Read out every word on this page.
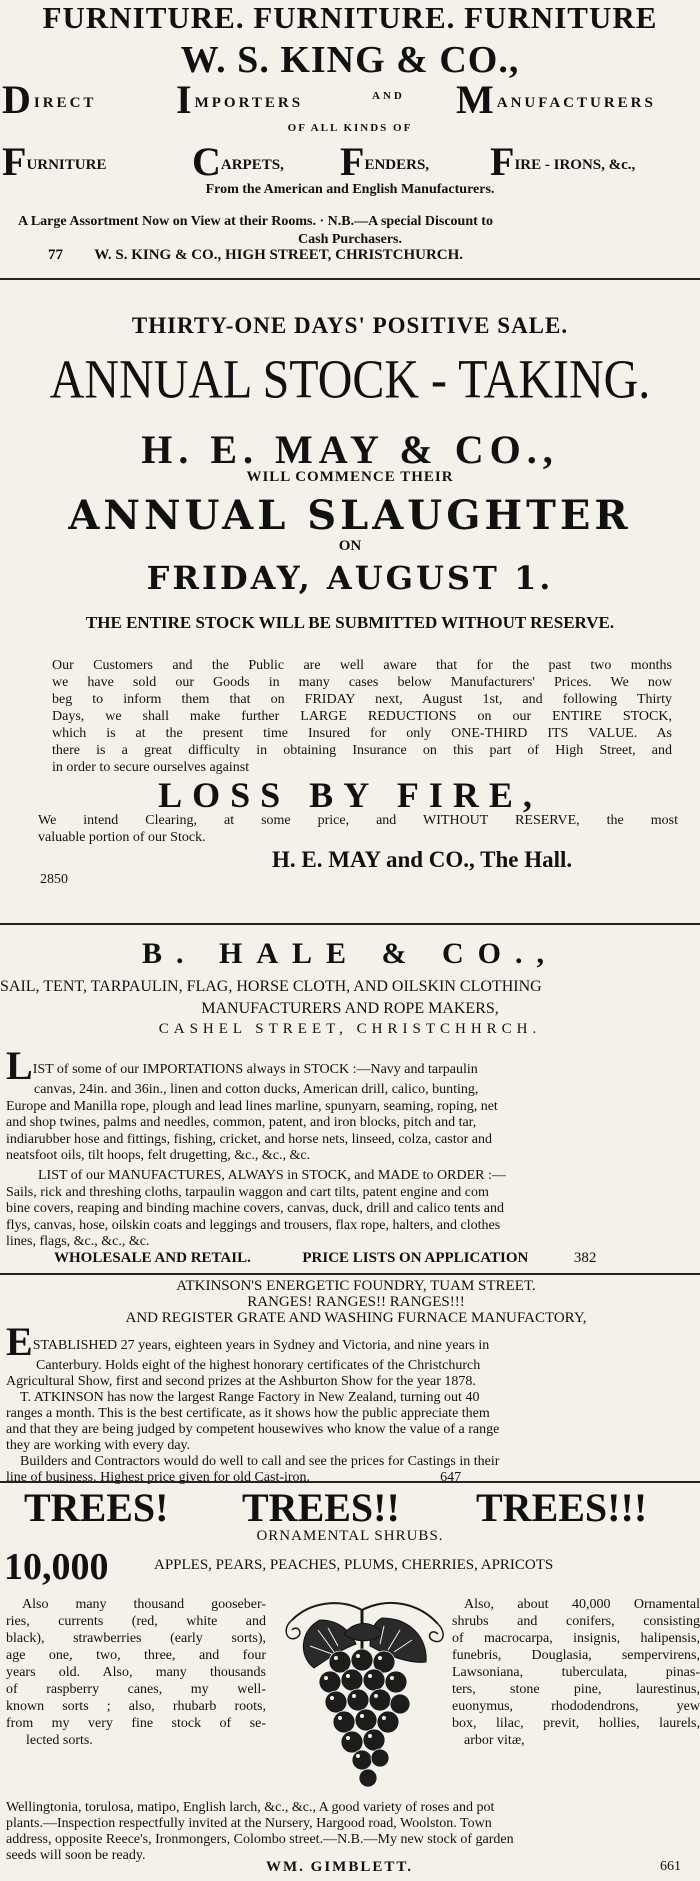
FURNITURE. FURNITURE. FURNITURE
W. S. KING & CO.,
DIRECT IMPORTERS	AND MANUFACTURERS
OF ALL KINDS OF
FURNITURE CARPETS, FENDERS, FIRE - IRONS, &c.,
From the American and English Manufacturers.
A Large Assortment Now on View at their Rooms. · N.B.—A special Discount to
Cash Purchasers.
77 W. S. KING & CO., HIGH STREET, CHRISTCHURCH.
THIRTY-ONE DAYS' POSITIVE SALE.
ANNUAL STOCK - TAKING.
H. E. MAY & CO.,
WILL COMMENCE THEIR
ANNUAL SLAUGHTER
ON
FRIDAY, AUGUST 1.
THE ENTIRE STOCK WILL BE SUBMITTED WITHOUT RESERVE.
Our Customers and the Public are well aware that for the past two months
we have sold our Goods in many cases below Manufacturers' Prices. We now
beg to inform them that on FRIDAY next, August 1st, and following Thirty
Days, we shall make further LARGE REDUCTIONS on our ENTIRE STOCK,
which is at the present time Insured for only ONE-THIRD ITS VALUE. As
there is a great difficulty in obtaining Insurance on this part of High Street, and
in order to secure ourselves against
LOSS BY FIRE,
We intend Clearing, at some price, and WITHOUT RESERVE, the most
valuable portion of our Stock.
H. E. MAY and CO., The Hall.
2850
B. HALE & CO.,
SAIL, TENT, TARPAULIN, FLAG, HORSE CLOTH, AND OILSKIN CLOTHING
MANUFACTURERS AND ROPE MAKERS,
CASHEL STREET, CHRISTCHHRCH.
LIST of some of our IMPORTATIONS always in STOCK :—Navy and tarpaulin
canvas, 24in. and 36in., linen and cotton ducks, American drill, calico, bunting,
Europe and Manilla rope, plough and lead lines marline, spunyarn, seaming, roping, net
and shop twines, palms and needles, common, patent, and iron blocks, pitch and tar,
indiarubber hose and fittings, fishing, cricket, and horse nets, linseed, colza, castor and
neatsfoot oils, tilt hoops, felt drugetting, &c., &c., &c.
LIST of our MANUFACTURES, ALWAYS in STOCK, and MADE to ORDER :—
Sails, rick and threshing cloths, tarpaulin waggon and cart tilts, patent engine and com
bine covers, reaping and binding machine covers, canvas, duck, drill and calico tents and
flys, canvas, hose, oilskin coats and leggings and trousers, flax rope, halters, and clothes
lines, flags, &c., &c., &c.
WHOLESALE AND RETAIL.	PRICE LISTS ON APPLICATION	382
ATKINSON'S ENERGETIC FOUNDRY, TUAM STREET.
RANGES! RANGES!! RANGES!!!
AND REGISTER GRATE AND WASHING FURNACE MANUFACTORY,
ESTABLISHED 27 years, eighteen years in Sydney and Victoria, and nine years in
Canterbury. Holds eight of the highest honorary certificates of the Christchurch
Agricultural Show, first and second prizes at the Ashburton Show for the year 1878.
T. ATKINSON has now the largest Range Factory in New Zealand, turning out 40
ranges a month. This is the best certificate, as it shows how the public appreciate them
and that they are being judged by competent housewives who know the value of a range
they are working with every day.
Builders and Contractors would do well to call and see the prices for Castings in their
line of business. Highest price given for old Cast-iron.	647
TREES! TREES!! TREES!!!
ORNAMENTAL SHRUBS.
10,000	APPLES, PEARS, PEACHES, PLUMS, CHERRIES, APRICOTS
Also many thousand gooseber-
ries, currents (red, white and
black), strawberries (early sorts),
age one, two, three, and four
years old. Also, many thousands
of raspberry canes, my well-
known sorts ; also, rhubarb roots,
from my very fine stock of se-
lected sorts.
Also, about 40,000 Ornamental
shrubs and conifers, consisting
of macrocarpa, insignis, halipensis,
funebris, Douglasia, sempervirens,
Lawsoniana, tuberculata, pinas-
ters, stone pine, laurestinus,
euonymus, rhododendrons, yew
box, lilac, previt, hollies, laurels,
arbor vitæ,
Wellingtonia, torulosa, matipo, English larch, &c., &c., A good variety of roses and pot
plants.—Inspection respectfully invited at the Nursery, Hargood road, Woolston. Town
address, opposite Reece's, Ironmongers, Colombo street.—N.B.—My new stock of garden
seeds will soon be ready.
WM. GIMBLETT.	661
